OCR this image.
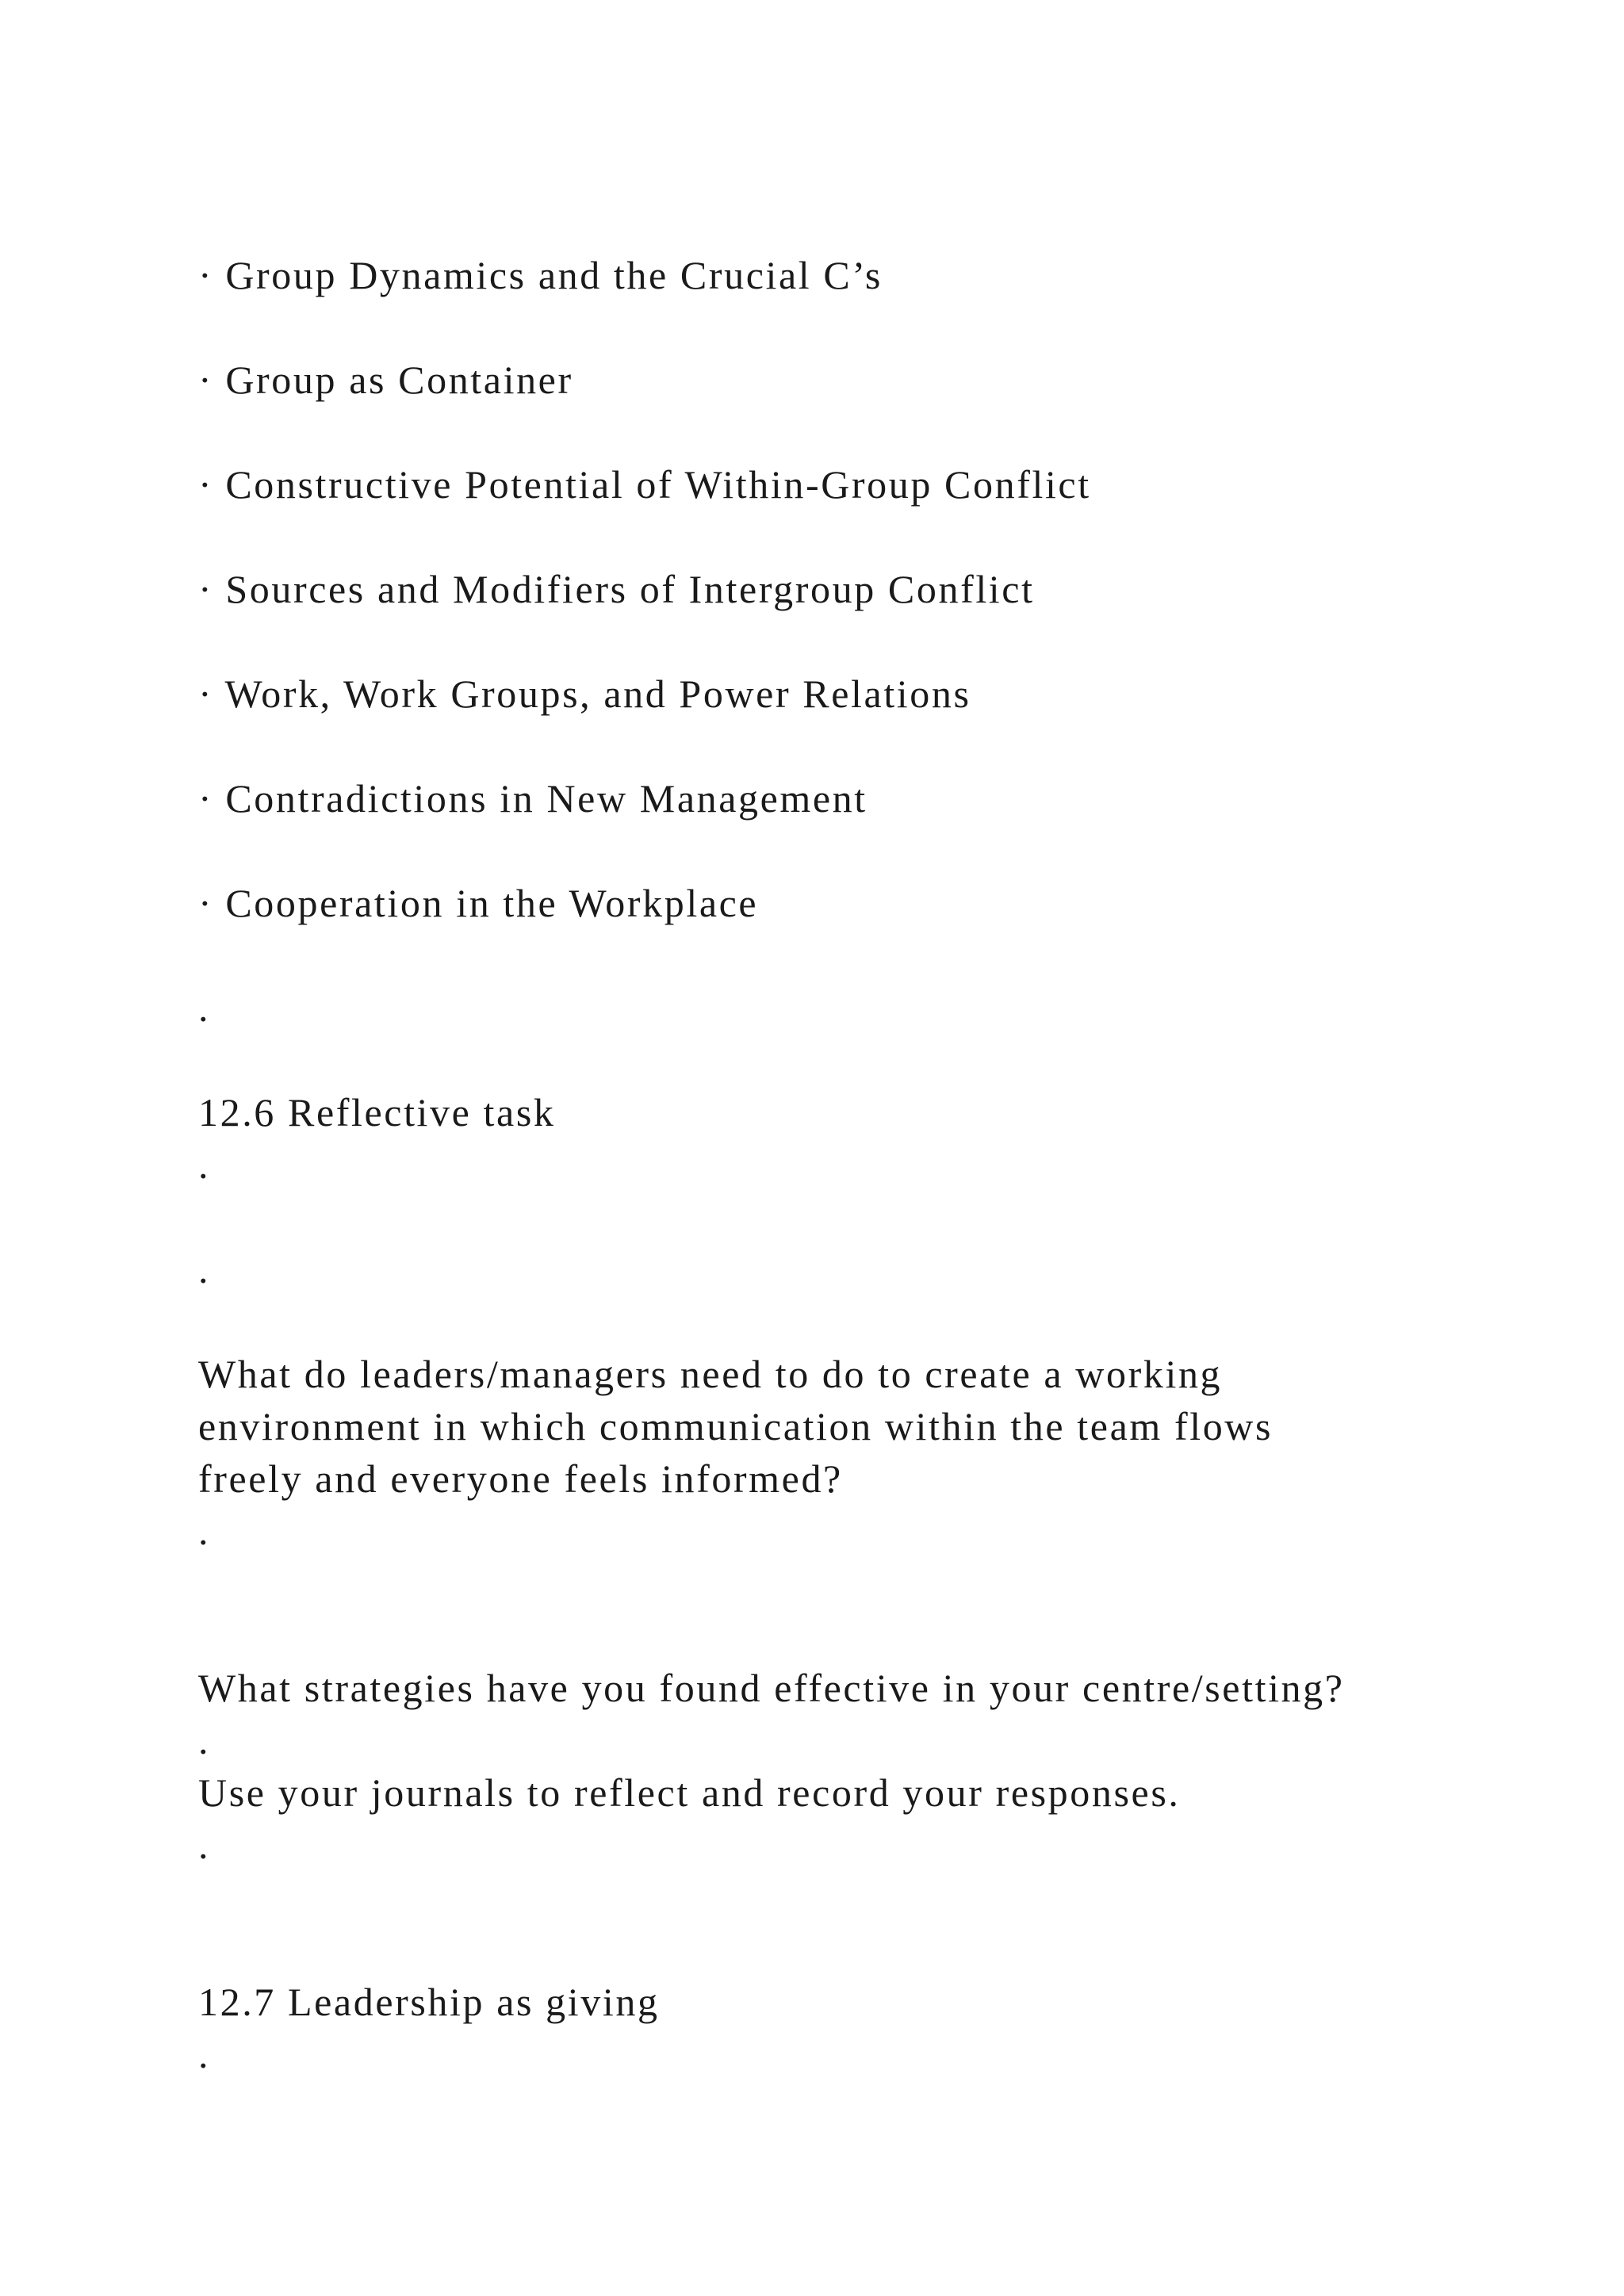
· Group Dynamics and the Crucial C’s
· Group as Container
· Constructive Potential of Within-Group Conflict
· Sources and Modifiers of Intergroup Conflict
· Work, Work Groups, and Power Relations
· Contradictions in New Management
· Cooperation in the Workplace
.
12.6 Reflective task
.
.
What do leaders/managers need to do to create a working
environment in which communication within the team flows
freely and everyone feels informed?
.
What strategies have you found effective in your centre/setting?
.
Use your journals to reflect and record your responses.
.
12.7 Leadership as giving
.
